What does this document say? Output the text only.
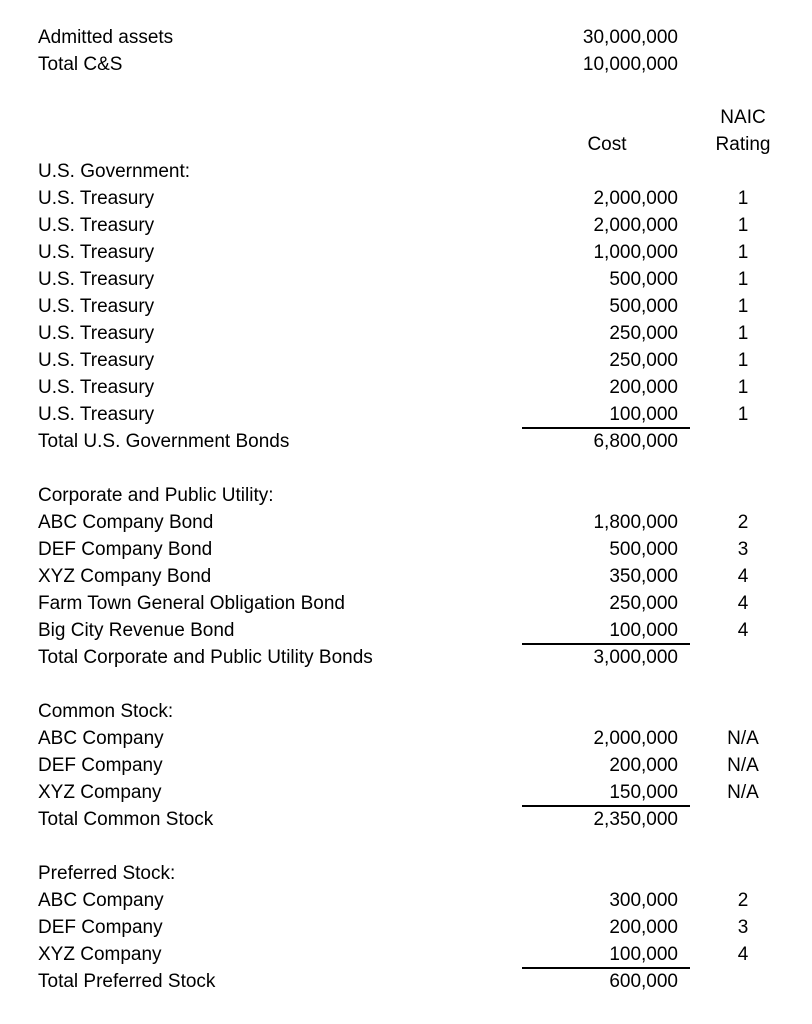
Admitted assets	30,000,000
Total C&S	10,000,000
NAIC
Cost	Rating
U.S. Government:
U.S. Treasury	2,000,000	1
U.S. Treasury	2,000,000	1
U.S. Treasury	1,000,000	1
U.S. Treasury	500,000	1
U.S. Treasury	500,000	1
U.S. Treasury	250,000	1
U.S. Treasury	250,000	1
U.S. Treasury	200,000	1
U.S. Treasury	100,000	1
Total U.S. Government Bonds	6,800,000
Corporate and Public Utility:
ABC Company Bond	1,800,000	2
DEF Company Bond	500,000	3
XYZ Company Bond	350,000	4
Farm Town General Obligation Bond	250,000	4
Big City Revenue Bond	100,000	4
Total Corporate and Public Utility Bonds	3,000,000
Common Stock:
ABC Company	2,000,000	N/A
DEF Company	200,000	N/A
XYZ Company	150,000	N/A
Total Common Stock	2,350,000
Preferred Stock:
ABC Company	300,000	2
DEF Company	200,000	3
XYZ Company	100,000	4
Total Preferred Stock	600,000
